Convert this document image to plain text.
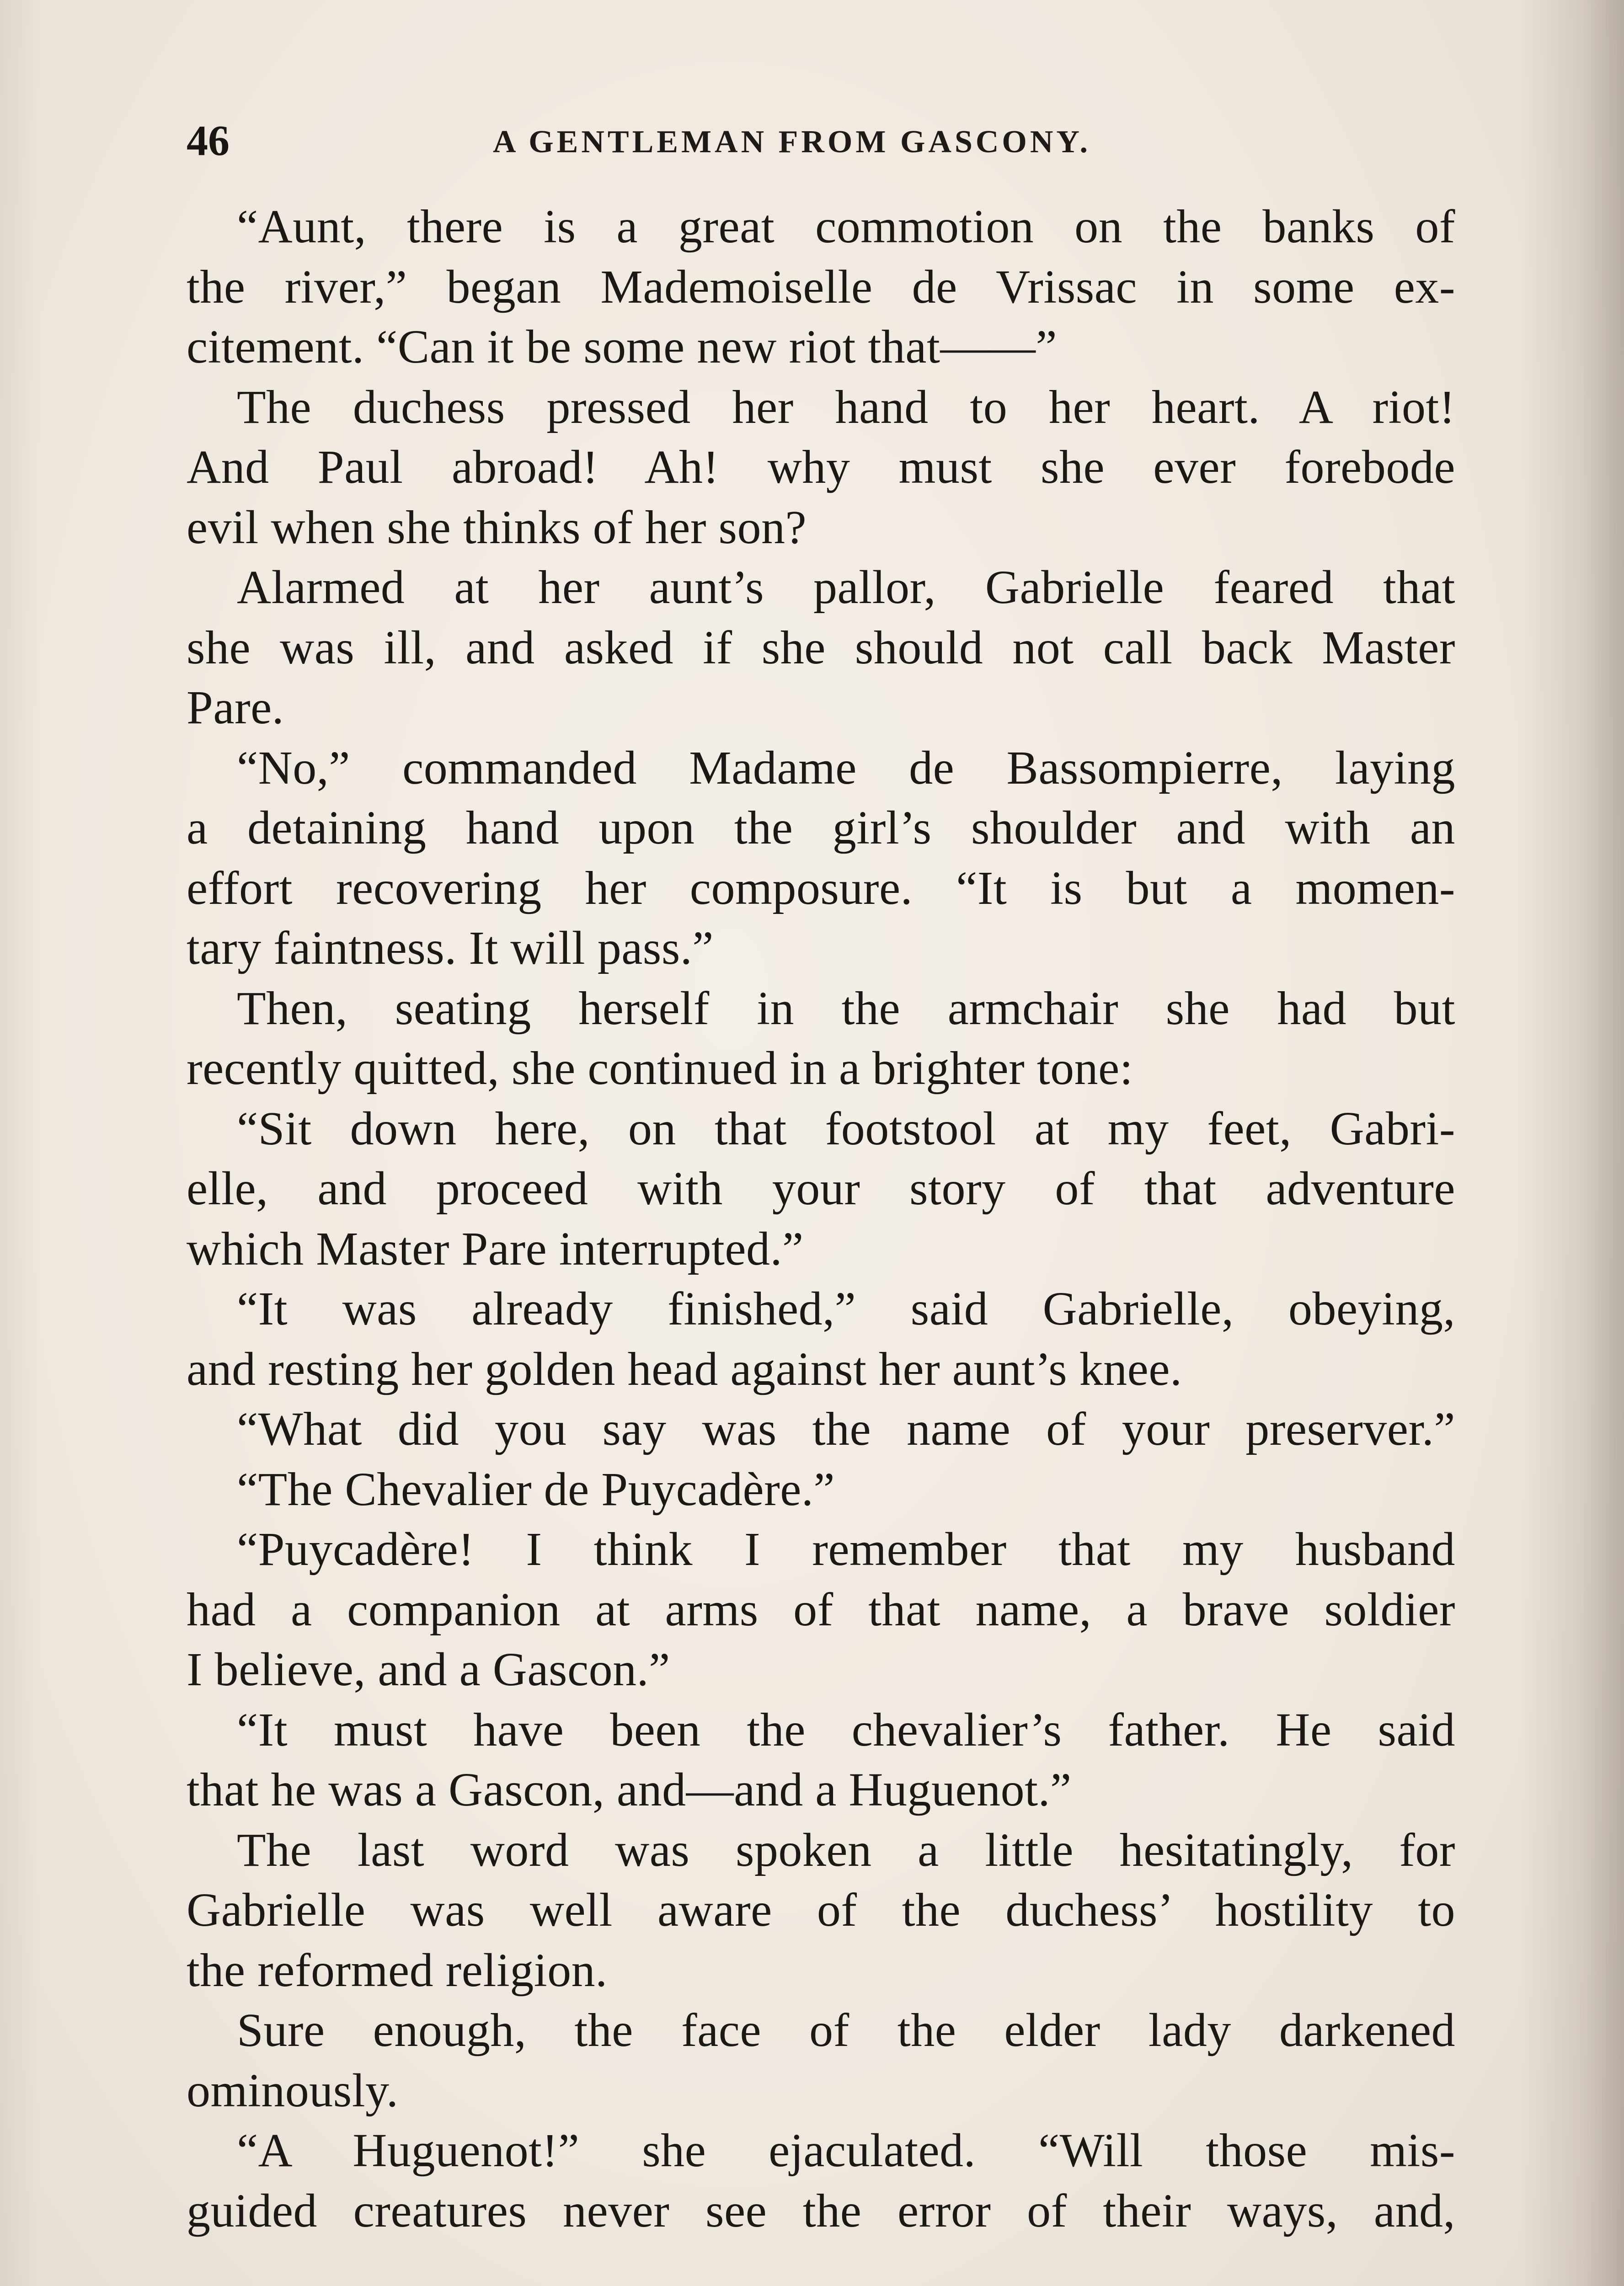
46	A GENTLEMAN FROM GASCONY.
“Aunt, there is a great commotion on the banks of
the river,” began Mademoiselle de Vrissac in some ex-
citement. “Can it be some new riot that——”
The duchess pressed her hand to her heart. A riot!
And Paul abroad! Ah! why must she ever forebode
evil when she thinks of her son?
Alarmed at her aunt’s pallor, Gabrielle feared that
she was ill, and asked if she should not call back Master
Pare.
“No,” commanded Madame de Bassompierre, laying
a detaining hand upon the girl’s shoulder and with an
effort recovering her composure. “It is but a momen-
tary faintness. It will pass.”
Then, seating herself in the armchair she had but
recently quitted, she continued in a brighter tone:
“Sit down here, on that footstool at my feet, Gabri-
elle, and proceed with your story of that adventure
which Master Pare interrupted.”
“It was already finished,” said Gabrielle, obeying,
and resting her golden head against her aunt’s knee.
“What did you say was the name of your preserver.”
“The Chevalier de Puycadère.”
“Puycadère! I think I remember that my husband
had a companion at arms of that name, a brave soldier
I believe, and a Gascon.”
“It must have been the chevalier’s father. He said
that he was a Gascon, and—and a Huguenot.”
The last word was spoken a little hesitatingly, for
Gabrielle was well aware of the duchess’ hostility to
the reformed religion.
Sure enough, the face of the elder lady darkened
ominously.
“A Huguenot!” she ejaculated. “Will those mis-
guided creatures never see the error of their ways, and,
